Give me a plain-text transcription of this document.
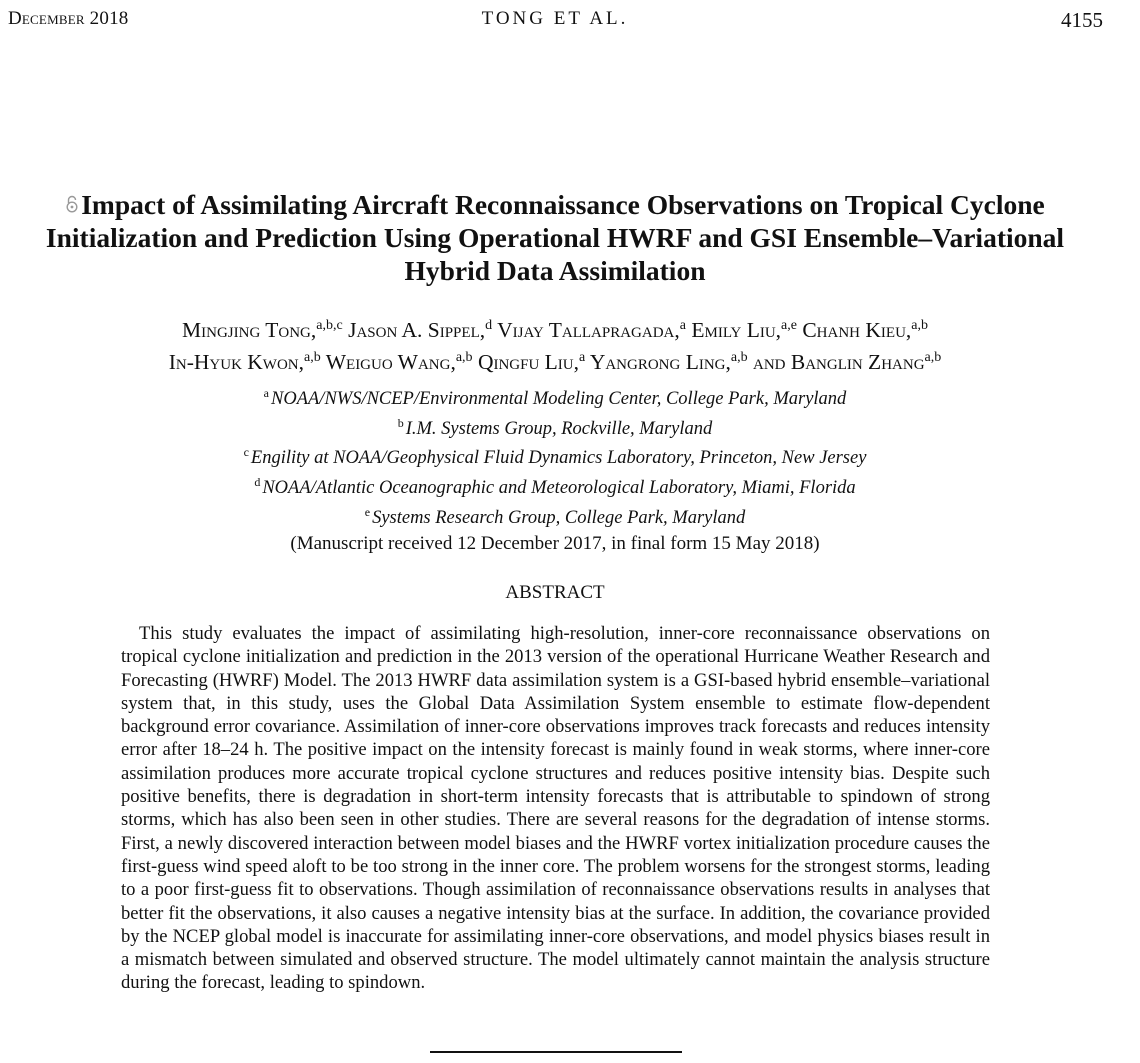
December 2018	TONG ET AL.	4155
Impact of Assimilating Aircraft Reconnaissance Observations on Tropical Cyclone Initialization and Prediction Using Operational HWRF and GSI Ensemble–Variational Hybrid Data Assimilation
Mingjing Tong,$^{a,b,c}$ Jason A. Sippel,$^d$ Vijay Tallapragada,$^a$ Emily Liu,$^{a,e}$ Chanh Kieu,$^{a,b}$
In-Hyuk Kwon,$^{a,b}$ Weiguo Wang,$^{a,b}$ Qingfu Liu,$^a$ Yangrong Ling,$^{a,b}$ and Banglin Zhang$^{a,b}$
$^a$ NOAA/NWS/NCEP/Environmental Modeling Center, College Park, Maryland
$^b$ I.M. Systems Group, Rockville, Maryland
$^c$ Engility at NOAA/Geophysical Fluid Dynamics Laboratory, Princeton, New Jersey
$^d$ NOAA/Atlantic Oceanographic and Meteorological Laboratory, Miami, Florida
$^e$ Systems Research Group, College Park, Maryland
(Manuscript received 12 December 2017, in final form 15 May 2018)
ABSTRACT

This study evaluates the impact of assimilating high-resolution, inner-core reconnaissance observations on tropical cyclone initialization and prediction in the 2013 version of the operational Hurricane Weather Research and Forecasting (HWRF) Model. The 2013 HWRF data assimilation system is a GSI-based hybrid ensemble–variational system that, in this study, uses the Global Data Assimilation System ensemble to estimate flow-dependent background error covariance. Assimilation of inner-core observations improves track forecasts and reduces intensity error after 18–24 h. The positive impact on the intensity forecast is mainly found in weak storms, where inner-core assimilation produces more accurate tropical cyclone structures and reduces positive intensity bias. Despite such positive benefits, there is degradation in short-term intensity forecasts that is attributable to spindown of strong storms, which has also been seen in other studies. There are several reasons for the degradation of intense storms. First, a newly discovered interaction between model biases and the HWRF vortex initialization procedure causes the first-guess wind speed aloft to be too strong in the inner core. The problem worsens for the strongest storms, leading to a poor first-guess fit to observations. Though assimilation of reconnaissance observations results in analyses that better fit the observations, it also causes a negative intensity bias at the surface. In addition, the covariance provided by the NCEP global model is inaccurate for assimilating inner-core observations, and model physics biases result in a mismatch between simulated and observed structure. The model ultimately cannot maintain the analysis structure during the forecast, leading to spindown.
